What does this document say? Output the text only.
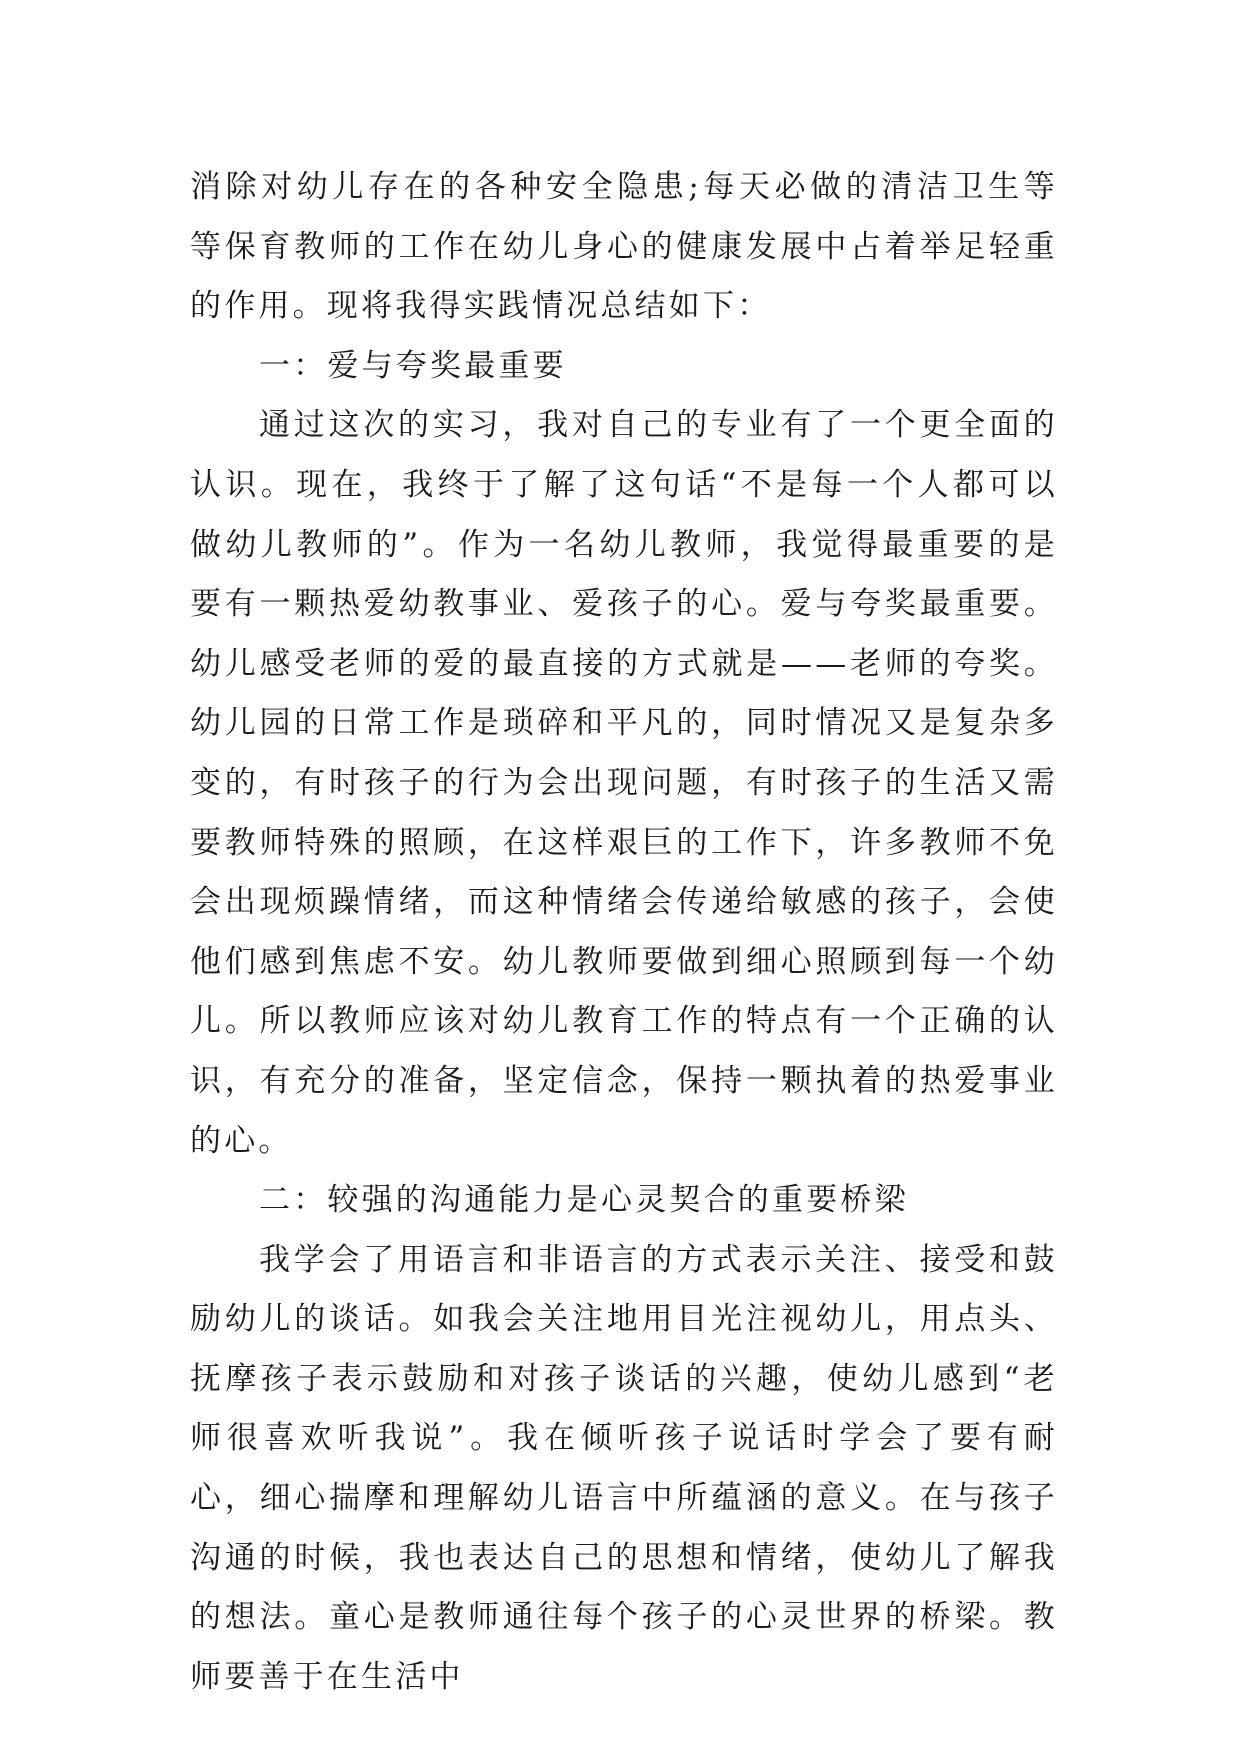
消除对幼儿存在的各种安全隐患;每天必做的清洁卫生等等保育教师的工作在幼儿身心的健康发展中占着举足轻重的作用。现将我得实践情况总结如下：

一：爱与夸奖最重要

通过这次的实习，我对自己的专业有了一个更全面的认识。现在，我终于了解了这句话“不是每一个人都可以做幼儿教师的”。作为一名幼儿教师，我觉得最重要的是要有一颗热爱幼教事业、爱孩子的心。爱与夸奖最重要。幼儿感受老师的爱的最直接的方式就是——老师的夸奖。幼儿园的日常工作是琐碎和平凡的，同时情况又是复杂多变的，有时孩子的行为会出现问题，有时孩子的生活又需要教师特殊的照顾，在这样艰巨的工作下，许多教师不免会出现烦躁情绪，而这种情绪会传递给敏感的孩子，会使他们感到焦虑不安。幼儿教师要做到细心照顾到每一个幼儿。所以教师应该对幼儿教育工作的特点有一个正确的认识，有充分的准备，坚定信念，保持一颗执着的热爱事业的心。

二：较强的沟通能力是心灵契合的重要桥梁

我学会了用语言和非语言的方式表示关注、接受和鼓励幼儿的谈话。如我会关注地用目光注视幼儿，用点头、抚摩孩子表示鼓励和对孩子谈话的兴趣，使幼儿感到“老师很喜欢听我说”。我在倾听孩子说话时学会了要有耐心，细心揣摩和理解幼儿语言中所蕴涵的意义。在与孩子沟通的时候，我也表达自己的思想和情绪，使幼儿了解我的想法。童心是教师通往每个孩子的心灵世界的桥梁。教师要善于在生活中
